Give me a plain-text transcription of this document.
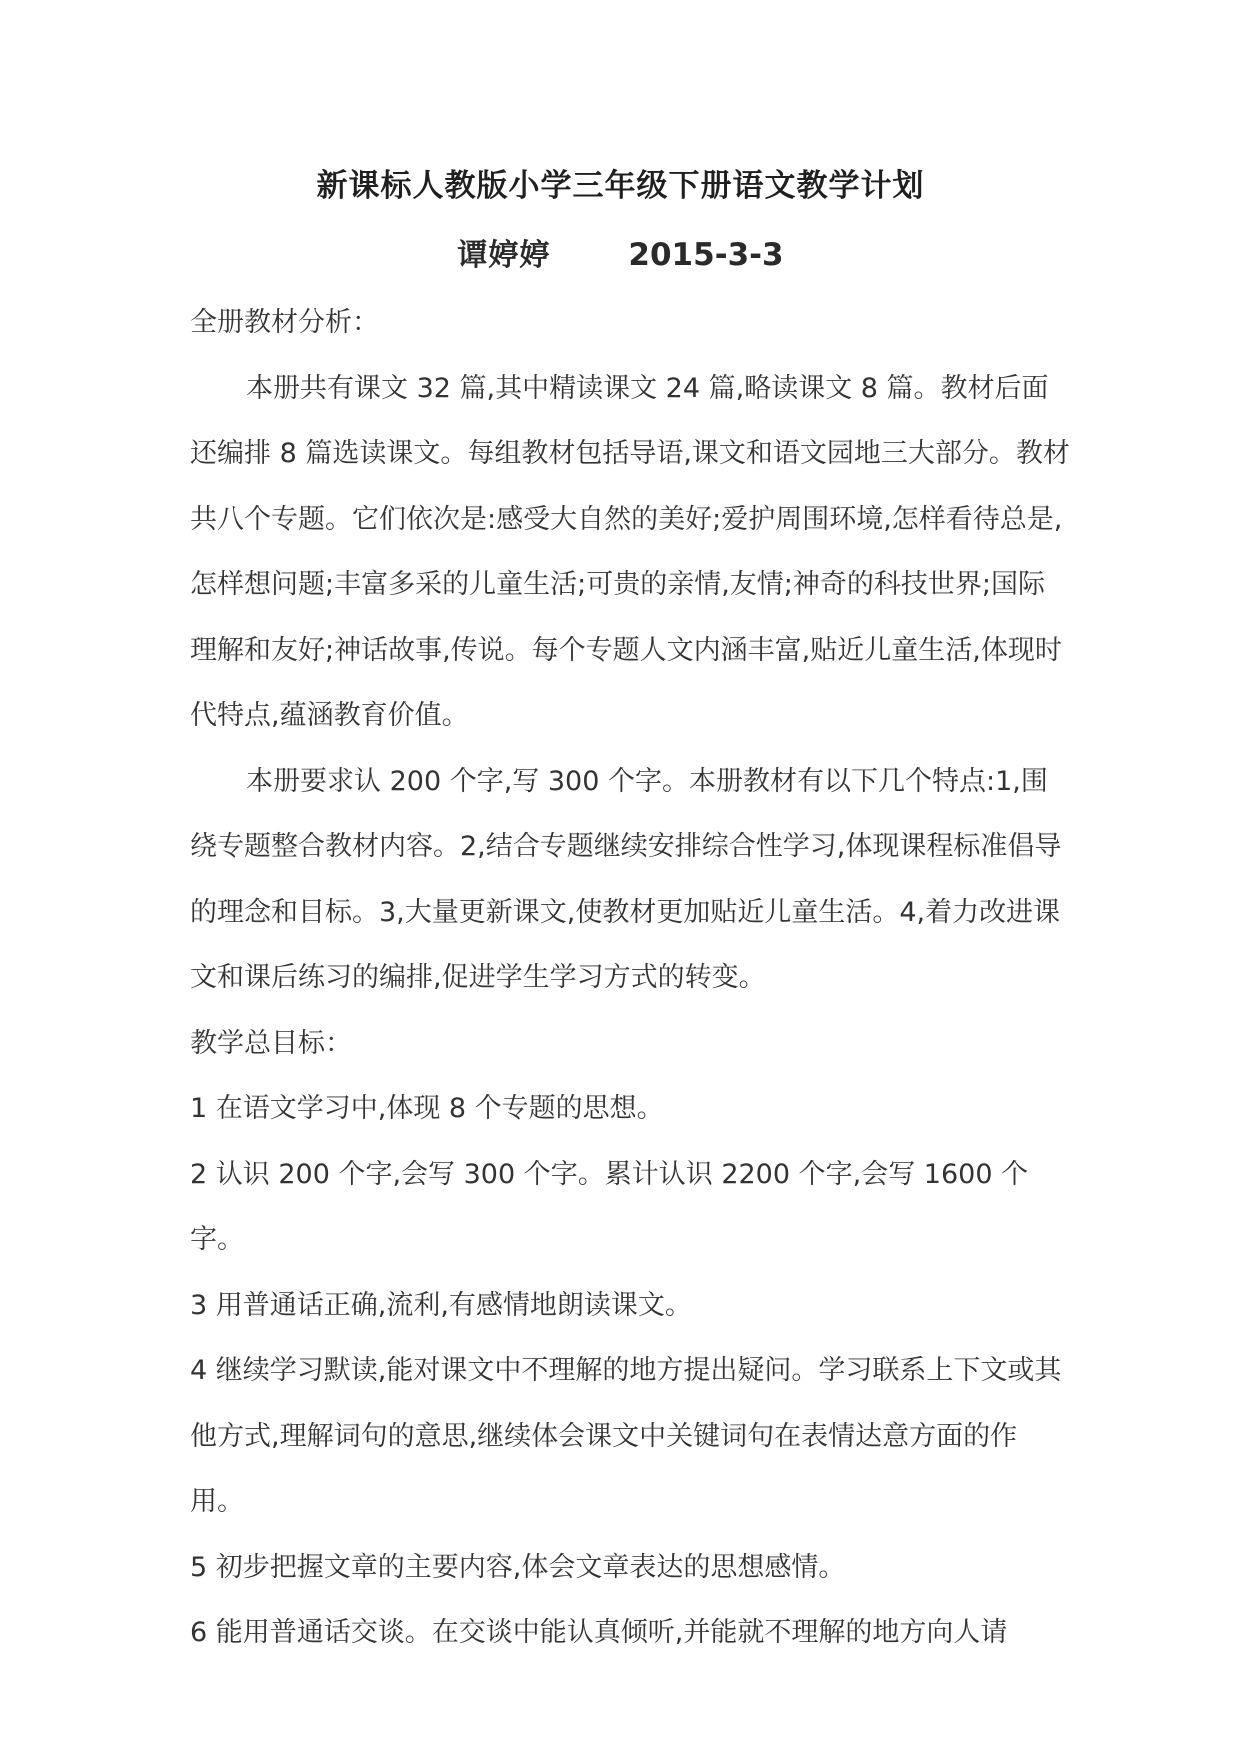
新课标人教版小学三年级下册语文教学计划
谭婷婷	2015-3-3

全册教材分析：

本册共有课文 32 篇,其中精读课文 24 篇,略读课文 8 篇。教材后面还编排 8 篇选读课文。每组教材包括导语,课文和语文园地三大部分。教材共八个专题。它们依次是:感受大自然的美好;爱护周围环境,怎样看待总是,怎样想问题;丰富多采的儿童生活;可贵的亲情,友情;神奇的科技世界;国际理解和友好;神话故事,传说。每个专题人文内涵丰富,贴近儿童生活,体现时代特点,蕴涵教育价值。

本册要求认 200 个字,写 300 个字。本册教材有以下几个特点:1,围绕专题整合教材内容。2,结合专题继续安排综合性学习,体现课程标准倡导的理念和目标。3,大量更新课文,使教材更加贴近儿童生活。4,着力改进课文和课后练习的编排,促进学生学习方式的转变。

教学总目标：

1 在语文学习中,体现 8 个专题的思想。

2 认识 200 个字,会写 300 个字。累计认识 2200 个字,会写 1600 个字。

3 用普通话正确,流利,有感情地朗读课文。

4 继续学习默读,能对课文中不理解的地方提出疑问。学习联系上下文或其他方式,理解词句的意思,继续体会课文中关键词句在表情达意方面的作用。

5 初步把握文章的主要内容,体会文章表达的思想感情。

6 能用普通话交谈。在交谈中能认真倾听,并能就不理解的地方向人请
